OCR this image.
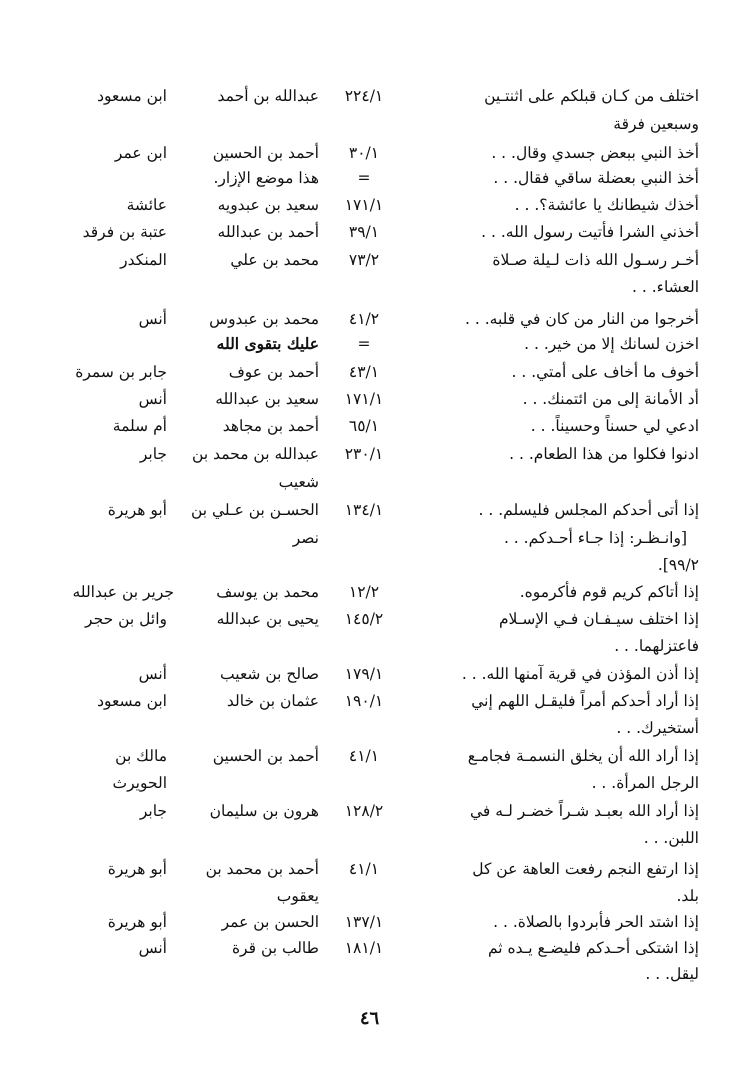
اختلف من كـان قبلكم على اثنتـين
٢٢٤/١
عبدالله بن أحمد
ابن مسعود
وسبعين فرقة
أخذ النبي ببعض جسدي وقال. . .
٣٠/١
أحمد بن الحسين
ابن عمر
أخذ النبي بعضلة ساقي فقال. . .
=
هذا موضع الإزار.
أخذك شيطانك يا عائشة؟. . .
١٧١/١
سعيد بن عبدويه
عائشة
أخذني الشرا فأتيت رسول الله. . .
٣٩/١
أحمد بن عبدالله
عتبة بن فرقد
أخـر رسـول الله ذات لـيلة صـلاة
٧٣/٢
محمد بن علي
المنكدر
العشاء. . .
أخرجوا من النار من كان في قلبه. . .
٤١/٢
محمد بن عبدوس
أنس
اخزن لسانك إلا من خير. . .
=
عليك بتقوى الله
أخوف ما أخاف على أمتي. . .
٤٣/١
أحمد بن عوف
جابر بن سمرة
أد الأمانة إلى من ائتمنك. . .
١٧١/١
سعيد بن عبدالله
أنس
ادعي لي حسناً وحسيناً. . .
٦٥/١
أحمد بن مجاهد
أم سلمة
ادنوا فكلوا من هذا الطعام. . .
٢٣٠/١
عبدالله بن محمد بن
جابر
شعيب
إذا أتى أحدكم المجلس فليسلم. . .
١٣٤/١
الحسـن بن عـلي بن
أبو هريرة
[وانـظـر: إذا جـاء أحـدكم. . .
نصر
٩٩/٢].
إذا أتاكم كريم قوم فأكرموه.
١٢/٢
محمد بن يوسف
جرير بن عبدالله
إذا اختلف سيـفـان فـي الإسـلام
١٤٥/٢
يحيى بن عبدالله
وائل بن حجر
فاعتزلهما. . .
إذا أذن المؤذن في قرية آمنها الله. . .
١٧٩/١
صالح بن شعيب
أنس
إذا أراد أحدكم أمراً فليقـل اللهم إني
١٩٠/١
عثمان بن خالد
ابن مسعود
أستخيرك. . .
إذا أراد الله أن يخلق النسمـة فجامـع
٤١/١
أحمد بن الحسين
مالك بن
الرجل المرأة. . .
الحويرث
إذا أراد الله بعبـد شـراً خضـر لـه في
١٢٨/٢
هرون بن سليمان
جابر
اللبن. . .
إذا ارتفع النجم رفعت العاهة عن كل
٤١/١
أحمد بن محمد بن
أبو هريرة
بلد.
يعقوب
إذا اشتد الحر فأبردوا بالصلاة. . .
١٣٧/١
الحسن بن عمر
أبو هريرة
إذا اشتكى أحـدكم فليضـع يـده ثم
١٨١/١
طالب بن قرة
أنس
ليقل. . .
٤٦
